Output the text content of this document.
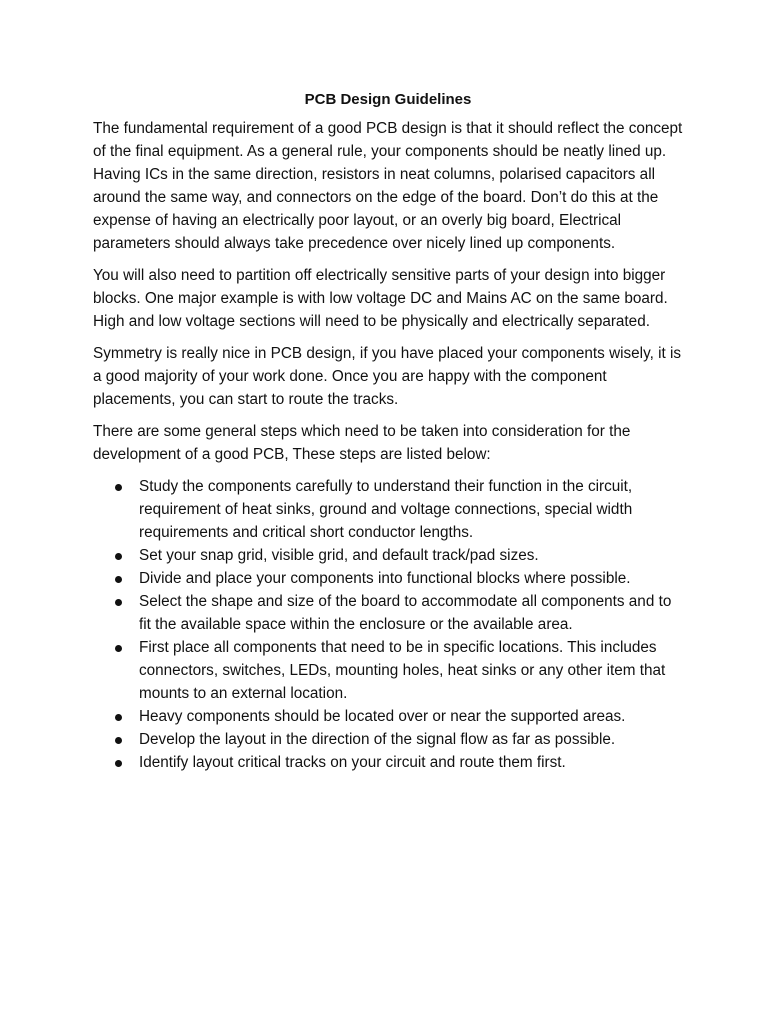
PCB Design Guidelines

The fundamental requirement of a good PCB design is that it should reflect the concept of the final equipment. As a general rule, your components should be neatly lined up. Having ICs in the same direction, resistors in neat columns, polarised capacitors all around the same way, and connectors on the edge of the board. Don’t do this at the expense of having an electrically poor layout, or an overly big board, Electrical parameters should always take precedence over nicely lined up components.

You will also need to partition off electrically sensitive parts of your design into bigger blocks. One major example is with low voltage DC and Mains AC on the same board. High and low voltage sections will need to be physically and electrically separated.

Symmetry is really nice in PCB design, if you have placed your components wisely, it is a good majority of your work done. Once you are happy with the component placements, you can start to route the tracks.

There are some general steps which need to be taken into consideration for the development of a good PCB, These steps are listed below:

Study the components carefully to understand their function in the circuit, requirement of heat sinks, ground and voltage connections, special width requirements and critical short conductor lengths.
Set your snap grid, visible grid, and default track/pad sizes.
Divide and place your components into functional blocks where possible.
Select the shape and size of the board to accommodate all components and to fit the available space within the enclosure or the available area.
First place all components that need to be in specific locations. This includes connectors, switches, LEDs, mounting holes, heat sinks or any other item that mounts to an external location.
Heavy components should be located over or near the supported areas.
Develop the layout in the direction of the signal flow as far as possible.
Identify layout critical tracks on your circuit and route them first.
